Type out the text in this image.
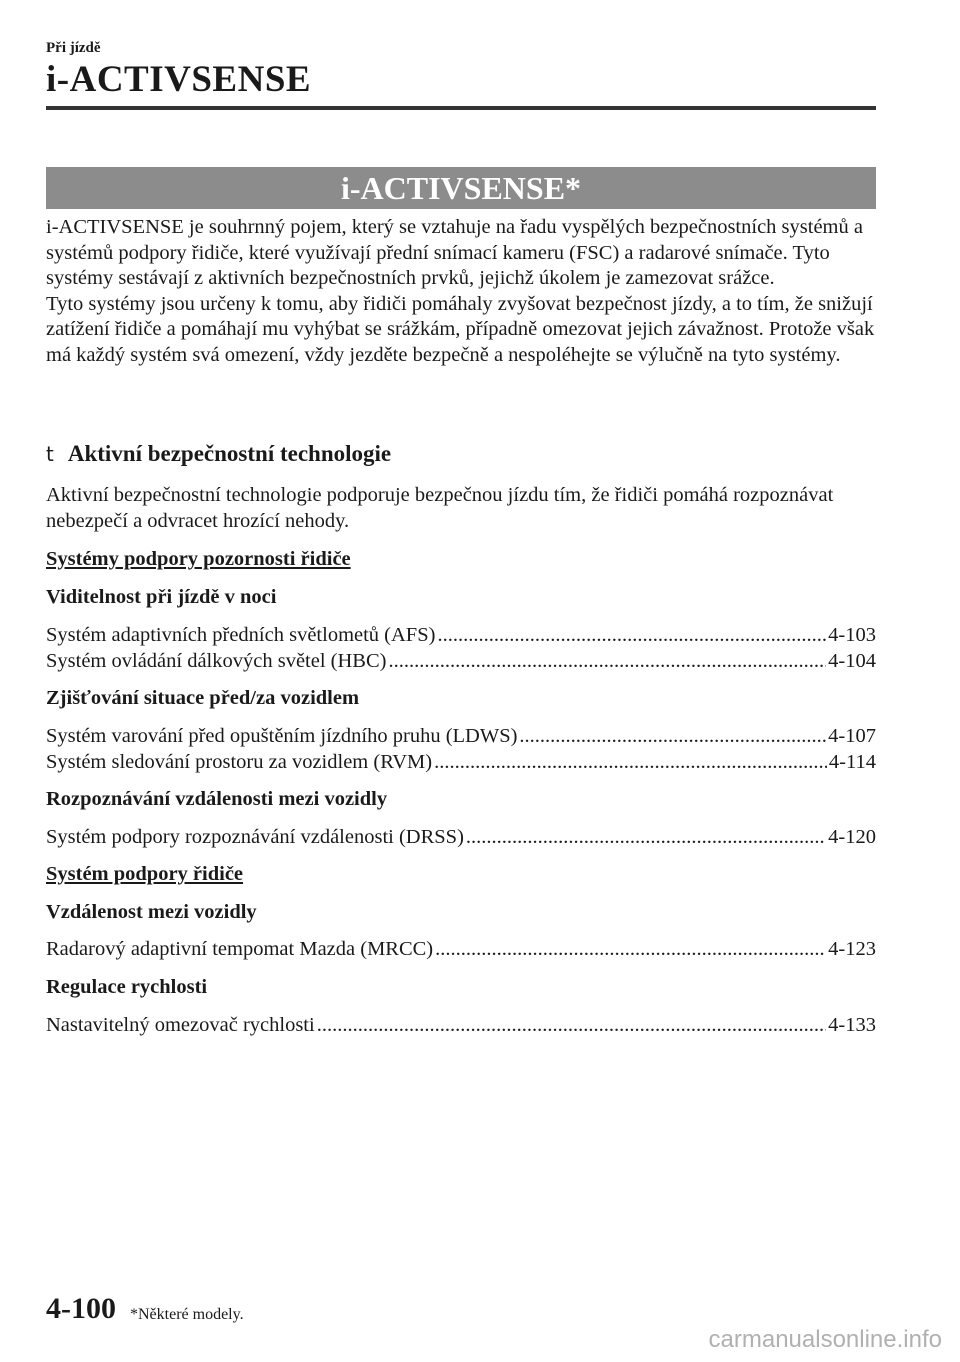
Při jízdě
i-ACTIVSENSE
i-ACTIVSENSE*

i-ACTIVSENSE je souhrnný pojem, který se vztahuje na řadu vyspělých bezpečnostních systémů a systémů podpory řidiče, které využívají přední snímací kameru (FSC) a radarové snímače. Tyto systémy sestávají z aktivních bezpečnostních prvků, jejichž úkolem je zamezovat srážce.

Tyto systémy jsou určeny k tomu, aby řidiči pomáhaly zvyšovat bezpečnost jízdy, a to tím, že snižují zatížení řidiče a pomáhají mu vyhýbat se srážkám, případně omezovat jejich závažnost. Protože však má každý systém svá omezení, vždy jezděte bezpečně a nespoléhejte se výlučně na tyto systémy.

t Aktivní bezpečnostní technologie
Aktivní bezpečnostní technologie podporuje bezpečnou jízdu tím, že řidiči pomáhá rozpoznávat nebezpečí a odvracet hrozící nehody.
Systémy podpory pozornosti řidiče
Viditelnost při jízdě v noci
Systém adaptivních předních světlometů (AFS) .....	4-103
Systém ovládání dálkových světel (HBC) .....	4-104
Zjišťování situace před/za vozidlem
Systém varování před opuštěním jízdního pruhu (LDWS) .....	4-107
Systém sledování prostoru za vozidlem (RVM) .....	4-114
Rozpoznávání vzdálenosti mezi vozidly
Systém podpory rozpoznávání vzdálenosti (DRSS) .....	4-120
Systém podpory řidiče
Vzdálenost mezi vozidly
Radarový adaptivní tempomat Mazda (MRCC) .....	4-123
Regulace rychlosti
Nastavitelný omezovač rychlosti .....	4-133
4-100 *Některé modely.
carmanualsonline.info
